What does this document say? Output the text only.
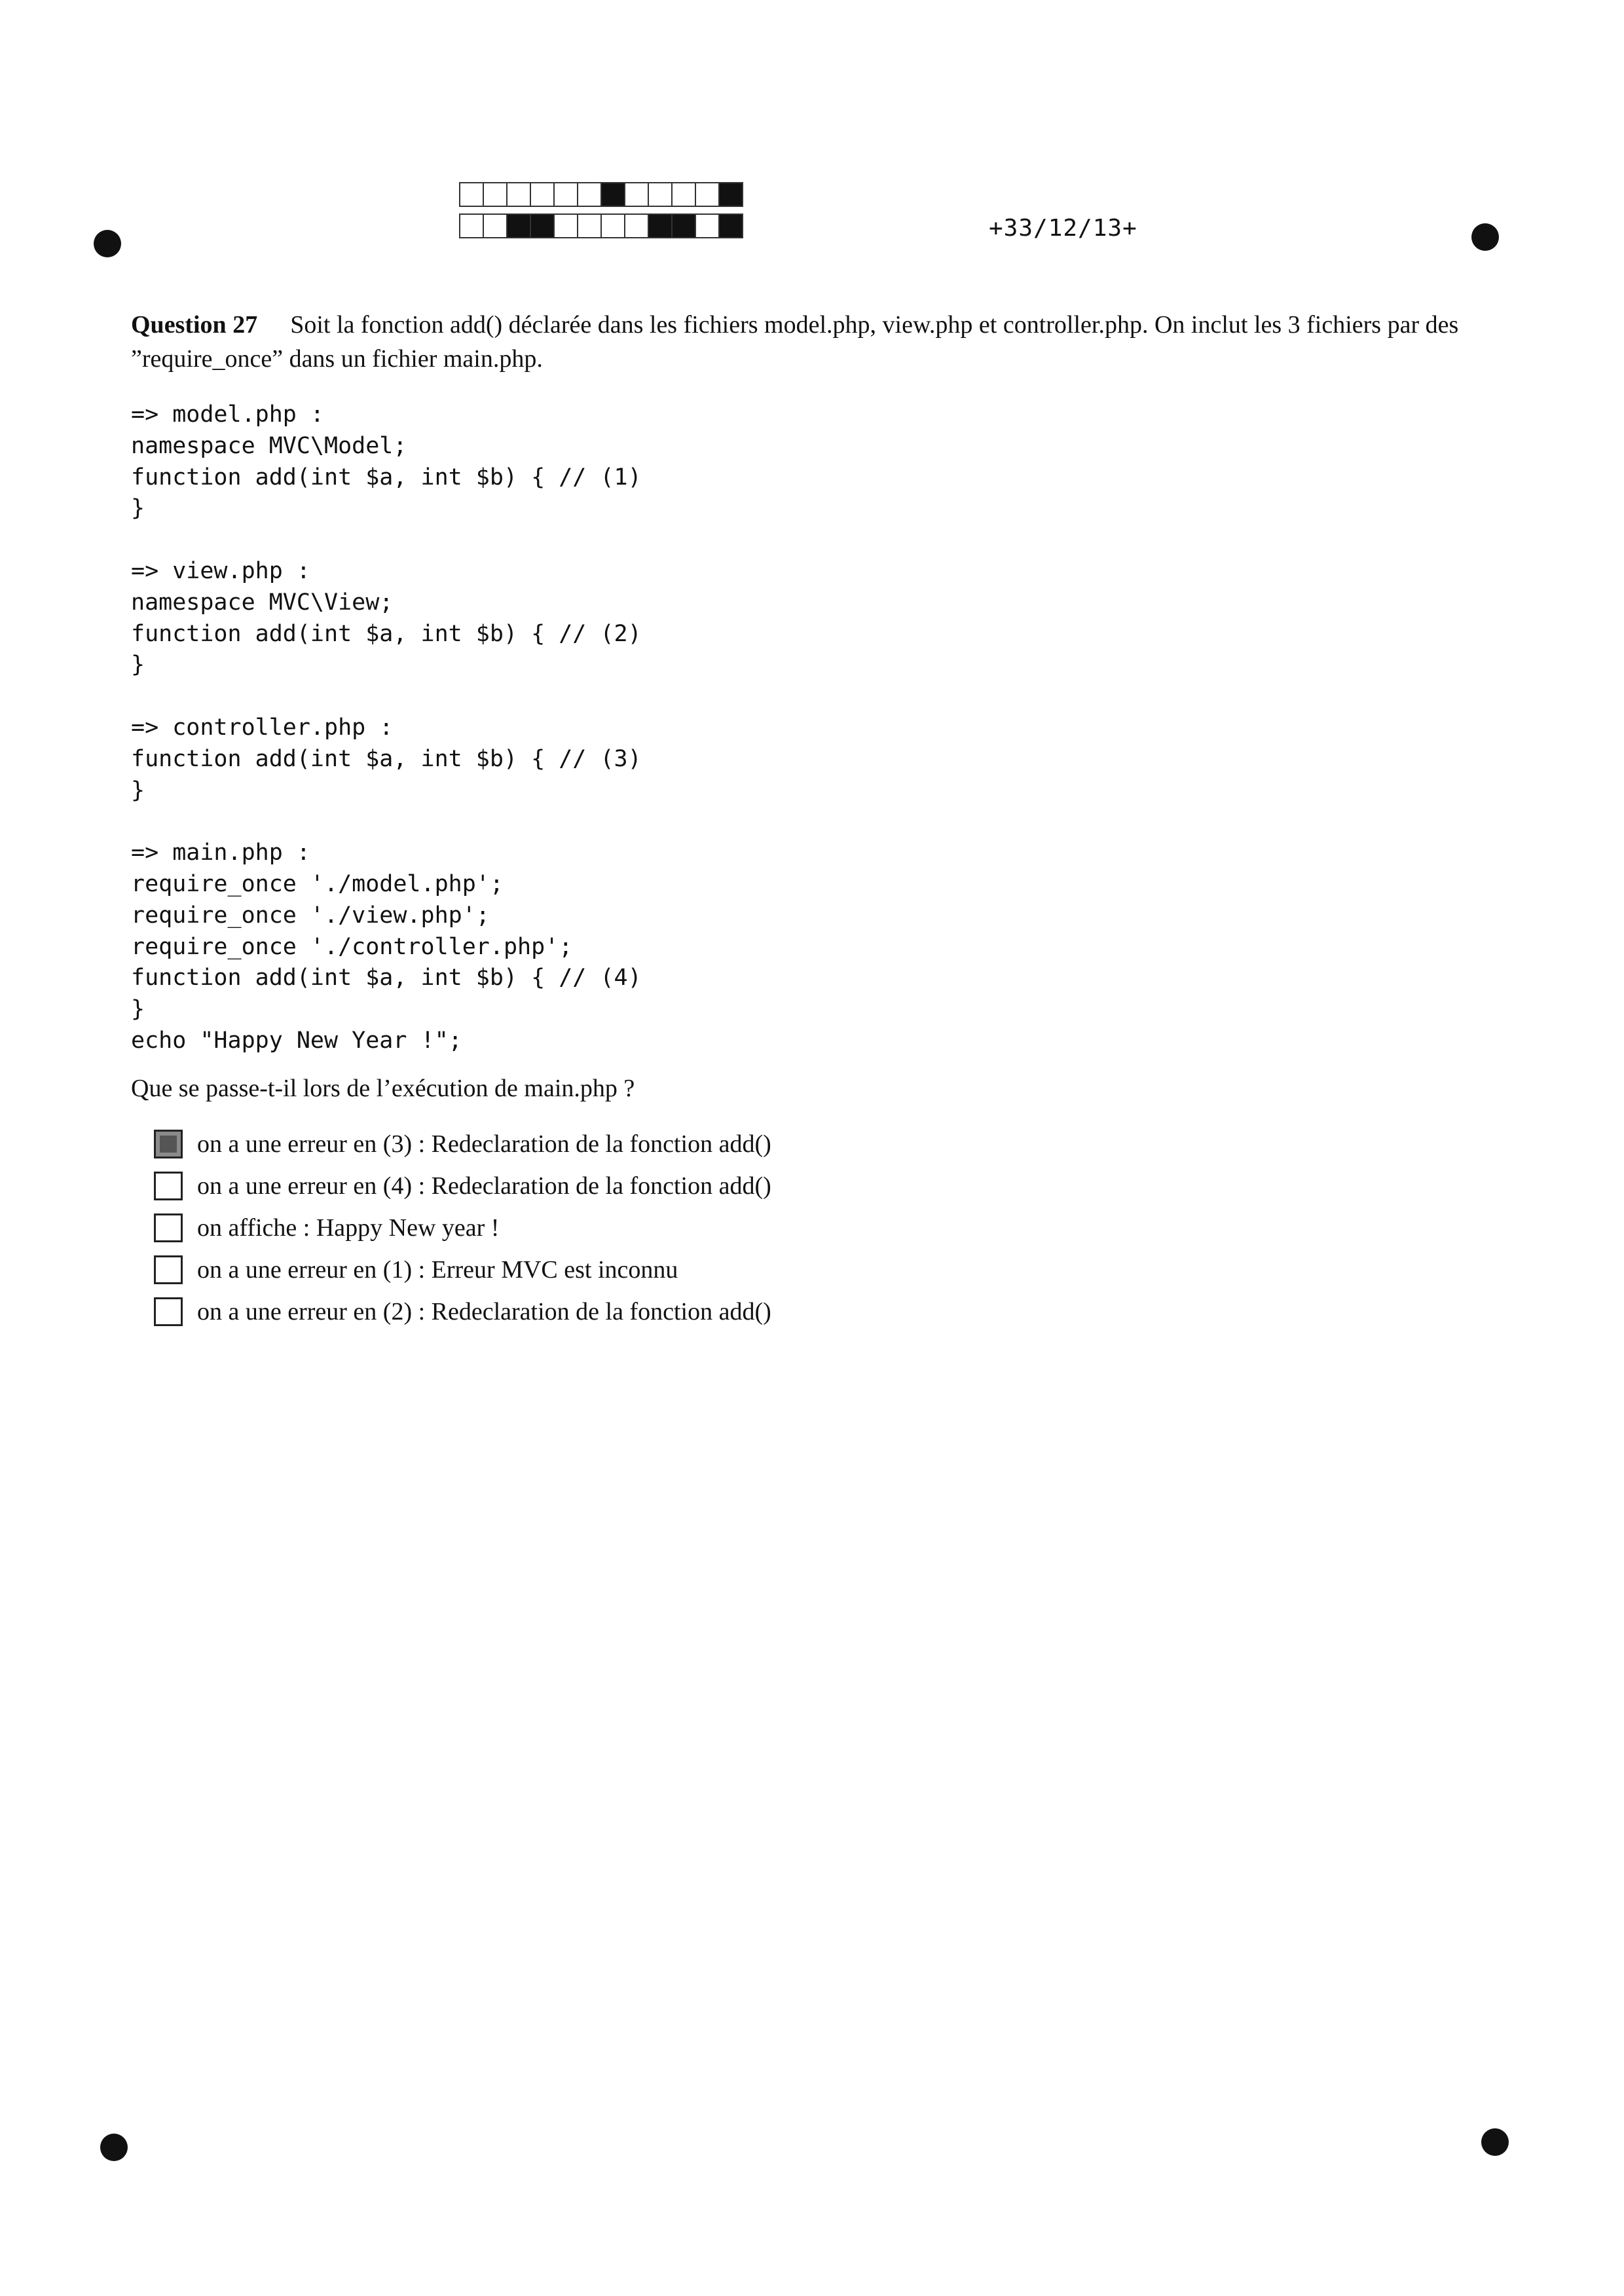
+33/12/13+
Question 27 Soit la fonction add() déclarée dans les fichiers model.php, view.php et controller.php. On inclut les 3 fichiers par des ”require_once” dans un fichier main.php.
=> model.php :
namespace MVC\Model;
function add(int $a, int $b) { // (1)
}

=> view.php :
namespace MVC\View;
function add(int $a, int $b) { // (2)
}

=> controller.php :
function add(int $a, int $b) { // (3)
}

=> main.php :
require_once './model.php';
require_once './view.php';
require_once './controller.php';
function add(int $a, int $b) { // (4)
}
echo "Happy New Year !";
Que se passe-t-il lors de l’exécution de main.php ?
on a une erreur en (3) : Redeclaration de la fonction add()
on a une erreur en (4) : Redeclaration de la fonction add()
on affiche : Happy New year !
on a une erreur en (1) : Erreur MVC est inconnu
on a une erreur en (2) : Redeclaration de la fonction add()
